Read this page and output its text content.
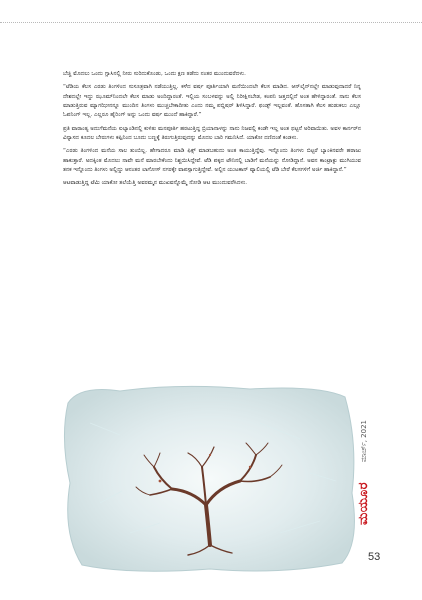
ಬೆಚ್ಚಿ ಮೊದಲು ಒಂದು ಗ್ಲಾಸಿನಲ್ಲಿ ನೀರು ಸುರಿದುಕೊಂಡು, ಒಂದು ಕ್ಷಣ ತಡೆದು ನಂತರ ಮುಂದುವರೆದಳು.

“ಟೆಡಿಯ ಕೆಲಸ ಎರಡು ತಿಂಗಳಿಂದ ಸುಸೂತ್ರವಾಗಿ ನಡೆಯುತ್ತಿಲ್ಲ. ಕಳೆದ ವರ್ಷ ಪೂರ್ತಿಯಾಗಿ ಮನೆಯಿಂದಲೇ ಕೆಲಸ ಮಾಡಿದ. ಆನ್‌ಲೈನ್‌ನಲ್ಲೇ ಮಾಡುವುದಾದರೆ ನಿನ್ನ ದೇಶದಲ್ಲೇ ಇದ್ದು ಝೂಮ್‌ನಿಂದಲೇ ಕೆಲಸ ಮಾಡು ಅಂದಿದ್ದಾರಂತೆ. ಇಲ್ಲಿಯ ಸಂಬಳವನ್ನು ಅಲ್ಲಿ ನಿರೀಕ್ಷಿಸಬೇಡ, ಕಂಪನಿ ಜತ್ತದಲ್ಲಿದೆ ಅಂತ ಹೇಳಿದ್ದಾರಂತೆ. ನಾನು ಕೆಲಸ ಮಾಡುತ್ತಿರುವ ಮ್ಯಾಗಝೀನನ್ನೂ ಮುಂದಿನ ತಿಂಗಳು ಮುಚ್ಚಬೇಕಾದೀತು ಎಂದು ನಮ್ಮ ಪಬ್ಲಿಷರ್ ಶಿಳಿಸಿದ್ದಾರೆ. ಫಂಡ್ಸ್ ಇಲ್ಲವಂತೆ. ಹೊಸತಾಗಿ ಕೆಲಸ ಹುಡುಕಲು ಎಲ್ಲೂ ಓಪನಿಂಗ್ ಇಲ್ಲ. ಎಲ್ಲರೂ ಹೈರಿಂಗ್ ಅನ್ನು ಒಂದು ವರ್ಷ ಮುಂದೆ ಹಾಕಿದ್ದಾರೆ.”

ಪ್ರತಿ ವಾರಾಂತ್ಯ ಅದುಗೆಮನೆಯ ಐಲ್ಯಾಂಡಿನಲ್ಲಿ ಕುಳಿತು ಮನಪೂರ್ತಿ ಹರಟುತ್ತಿದ್ದ ಬ್ರಿಯಾನಾಳನ್ನು ನಾನು ನಿಜವಲ್ಲಿ ಕಂಡೇ ಇಲ್ಲ ಅಂತ ಥಟ್ಟನೆ ಅರಿವಾಯಿತು. ಅವಳ ಕಾರ್ನರ್‌ನ ವಿನ್ಯಾಸದ ಕೂದಲ ಬೇರುಗಳು ಕಪ್ಪಿನಿಂದ ಬೂದು ಬಣ್ಣಕ್ಕೆ ತಿರುಗುತ್ತಿರುವುದನ್ನು ಮೊದಲ ಬಾರಿ ಗಮನಿಸಿದೆ. ಯಾಕೋ ದಣಿದಂತೆ ಕಂಡಳು.

“ಎರಡು ತಿಂಗಳಿಂದ ಮನೆಯ ಸಾಲ ತುಂಬಿಲ್ಲ. ಹೇಗಾದರೂ ಮಾಡಿ ಫಿಕ್ಸ್ ಮಾಡಬಹುದು ಅಂತ ಕಾಯುತ್ತಿದ್ದೆವು. ಇನ್ನೊಂದು ತಿಂಗಳು ಬಿಟ್ಟರೆ ಬ್ಯಾಂಕಿನವರೇ ಹರಾಜು ಹಾಕುತ್ತಾರೆ. ಅದಕ್ಕಿಂತ ಮೊದಲು ನಾವೇ ಮನೆ ಮಾರಬೇಕೆಂದು ನಿಶ್ಚಯಿಸಿದ್ದೇವೆ. ಟೆಡಿ ಪಕ್ಕದ ಟೌನಿನಲ್ಲಿ ಬಾಡಿಗೆ ಮನೆಯನ್ನು ನೋಡಿದ್ದಾನೆ. ಅವನ ಕಾಂಟ್ರಾಕ್ಟು ಮುಗಿಯುವ ತನಕ ಇನ್ನೊಂದು ತಿಂಗಳು ಅಲ್ಲಿದ್ದು ಆನಂತರ ಲಾಗೋಸ್ ನಗರಕ್ಕೇ ವಾಪಸ್ಸಾಗುತ್ತಿದ್ದೇವೆ. ಅಲ್ಲಿನ ಯುಟಕಾನ್ ವ್ಯಾಲಿಯಲ್ಲಿ ಟೆಡಿ ಬೇರೆ ಕೆಲಸಗಳಿಗೆ ಅರ್ಜಿ ಹಾಕಿದ್ದಾನೆ.”

ಆಟವಾಡುತ್ತಿದ್ದ ಟೆಮಿ ಯಾಕೋ ತಲೆಯೆತ್ತಿ ಅವರಮ್ಮನ ಮುಖವನ್ನೊಮ್ಮೆ ನೋಡಿ ಆಟ ಮುಂದುವರೆಸಿದಳು.

ಮಾರ್ಚ್, 2021
ಮಯೂರ
53
